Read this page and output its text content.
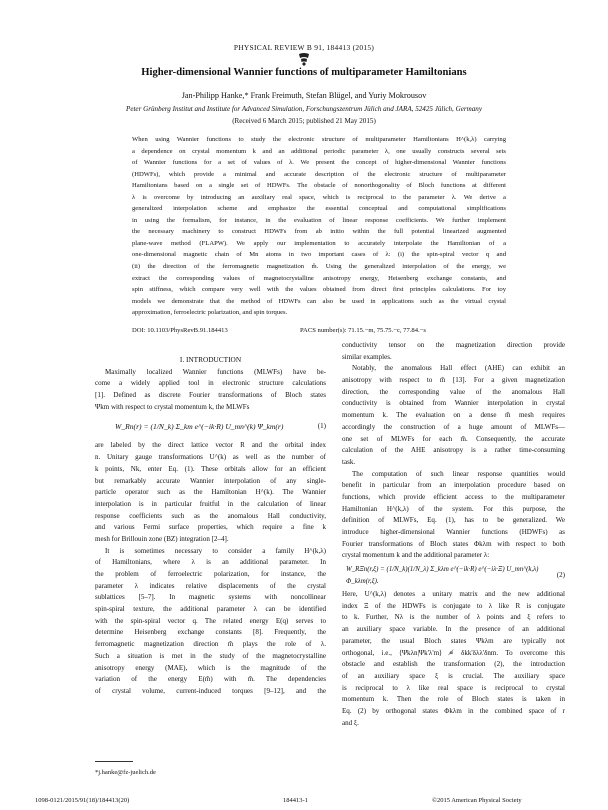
PHYSICAL REVIEW B 91, 184413 (2015)
Higher-dimensional Wannier functions of multiparameter Hamiltonians
Jan-Philipp Hanke,* Frank Freimuth, Stefan Blügel, and Yuriy Mokrousov
Peter Grünberg Institut and Institute for Advanced Simulation, Forschungszentrum Jülich and JARA, 52425 Jülich, Germany
(Received 6 March 2015; published 21 May 2015)
When using Wannier functions to study the electronic structure of multiparameter Hamiltonians H^(k,λ) carrying
a dependence on crystal momentum k and an additional periodic parameter λ, one usually constructs several sets
of Wannier functions for a set of values of λ. We present the concept of higher-dimensional Wannier functions
(HDWFs), which provide a minimal and accurate description of the electronic structure of multiparameter
Hamiltonians based on a single set of HDWFs. The obstacle of nonorthogonality of Bloch functions at different
λ is overcome by introducing an auxiliary real space, which is reciprocal to the parameter λ. We derive a
generalized interpolation scheme and emphasize the essential conceptual and computational simplifications
in using the formalism, for instance, in the evaluation of linear response coefficients. We further implement
the necessary machinery to construct HDWFs from ab initio within the full potential linearized augmented
plane-wave method (FLAPW). We apply our implementation to accurately interpolate the Hamiltonian of a
one-dimensional magnetic chain of Mn atoms in two important cases of λ: (i) the spin-spiral vector q and
(ii) the direction of the ferromagnetic magnetization m̂. Using the generalized interpolation of the energy, we
extract the corresponding values of magnetocrystalline anisotropy energy, Heisenberg exchange constants, and
spin stiffness, which compare very well with the values obtained from direct first principles calculations. For toy
models we demonstrate that the method of HDWFs can also be used in applications such as the virtual crystal
approximation, ferroelectric polarization, and spin torques.
DOI: 10.1103/PhysRevB.91.184413	PACS number(s): 71.15.−m, 75.75.−c, 77.84.−s
I. INTRODUCTION
Maximally localized Wannier functions (MLWFs) have be-
come a widely applied tool in electronic structure calculations
[1]. Defined as discrete Fourier transformations of Bloch states
Ψkm with respect to crystal momentum k, the MLWFs
W_Rn(r) = (1/N_k) Σ_km e^(−ik·R) U_mn^(k) Ψ_km(r)	(1)
are labeled by the direct lattice vector R and the orbital index
n. Unitary gauge transformations U^(k) as well as the number of
k points, Nk, enter Eq. (1). These orbitals allow for an efficient
but remarkably accurate Wannier interpolation of any single-
particle operator such as the Hamiltonian H^(k). The Wannier
interpolation is in particular fruitful in the calculation of linear
response coefficients such as the anomalous Hall conductivity,
and various Fermi surface properties, which require a fine k
mesh for Brillouin zone (BZ) integration [2–4].
It is sometimes necessary to consider a family H^(k,λ)
of Hamiltonians, where λ is an additional parameter. In
the problem of ferroelectric polarization, for instance, the
parameter λ indicates relative displacements of the crystal
sublattices [5–7]. In magnetic systems with noncollinear
spin-spiral texture, the additional parameter λ can be identified
with the spin-spiral vector q. The related energy E(q) serves to
determine Heisenberg exchange constants [8]. Frequently, the
ferromagnetic magnetization direction m̂ plays the role of λ.
Such a situation is met in the study of the magnetocrystalline
anisotropy energy (MAE), which is the magnitude of the
variation of the energy E(m̂) with m̂. The dependencies
of crystal volume, current-induced torques [9–12], and the
conductivity tensor on the magnetization direction provide
similar examples.
Notably, the anomalous Hall effect (AHE) can exhibit an
anisotropy with respect to m̂ [13]. For a given magnetization
direction, the corresponding value of the anomalous Hall
conductivity is obtained from Wannier interpolation in crystal
momentum k. The evaluation on a dense m̂ mesh requires
accordingly the construction of a huge amount of MLWFs—
one set of MLWFs for each m̂. Consequently, the accurate
calculation of the AHE anisotropy is a rather time-consuming
task.
The computation of such linear response quantities would
benefit in particular from an interpolation procedure based on
functions, which provide efficient access to the multiparameter
Hamiltonian H^(k,λ) of the system. For this purpose, the
definition of MLWFs, Eq. (1), has to be generalized. We
introduce higher-dimensional Wannier functions (HDWFs) as
Fourier transformations of Bloch states Φkλm with respect to both
crystal momentum k and the additional parameter λ:
W_RΞn(r,ξ) = (1/N_k)(1/N_λ) Σ_kλm e^(−ik·R) e^(−iλ·Ξ) U_mn^(k,λ) Φ_kλm(r,ξ).
(2)
Here, U^(k,λ) denotes a unitary matrix and the new additional
index Ξ of the HDWFs is conjugate to λ like R is conjugate
to k. Further, Nλ is the number of λ points and ξ refers to
an auxiliary space variable. In the presence of an additional
parameter, the usual Bloch states Ψkλm are typically not
orthogonal, i.e., ⟨Ψkλn|Ψk'λ'm⟩ ∝̸ δkk'δλλ'δnm. To overcome this
obstacle and establish the transformation (2), the introduction
of an auxiliary space ξ is crucial. The auxiliary space
is reciprocal to λ like real space is reciprocal to crystal
momentum k. Then the role of Bloch states is taken in
Eq. (2) by orthogonal states Φkλm in the combined space of r
and ξ.
*j.hanke@fz-juelich.de
1098-0121/2015/91(18)/184413(20)	184413-1	©2015 American Physical Society
